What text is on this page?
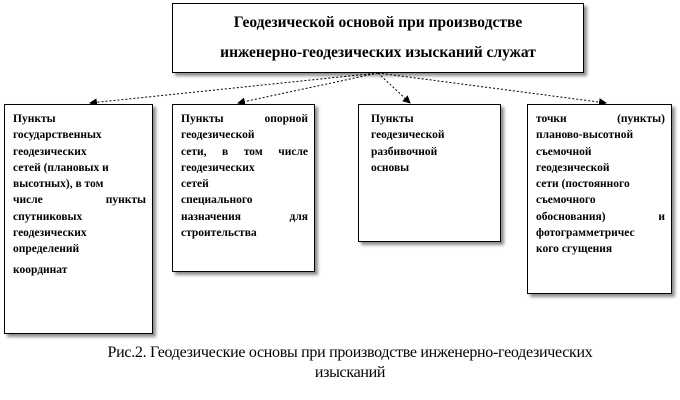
Геодезической основой при производстве
инженерно-геодезических изысканий служат
Пункты
государственных
геодезических
сетей (плановых и
высотных), в том
числе пункты
спутниковых
геодезических
определений
координат
Пункты опорной
геодезической
сети, в том числе
геодезических
сетей
специального
назначения для
строительства
Пункты
геодезической
разбивочной
основы
точки (пункты)
планово-высотной
съемочной
геодезической
сети (постоянного
съемочного
обоснования) и
фотограмметричес
кого сгущения
Рис.2. Геодезические основы при производстве инженерно-геодезических
изысканий
